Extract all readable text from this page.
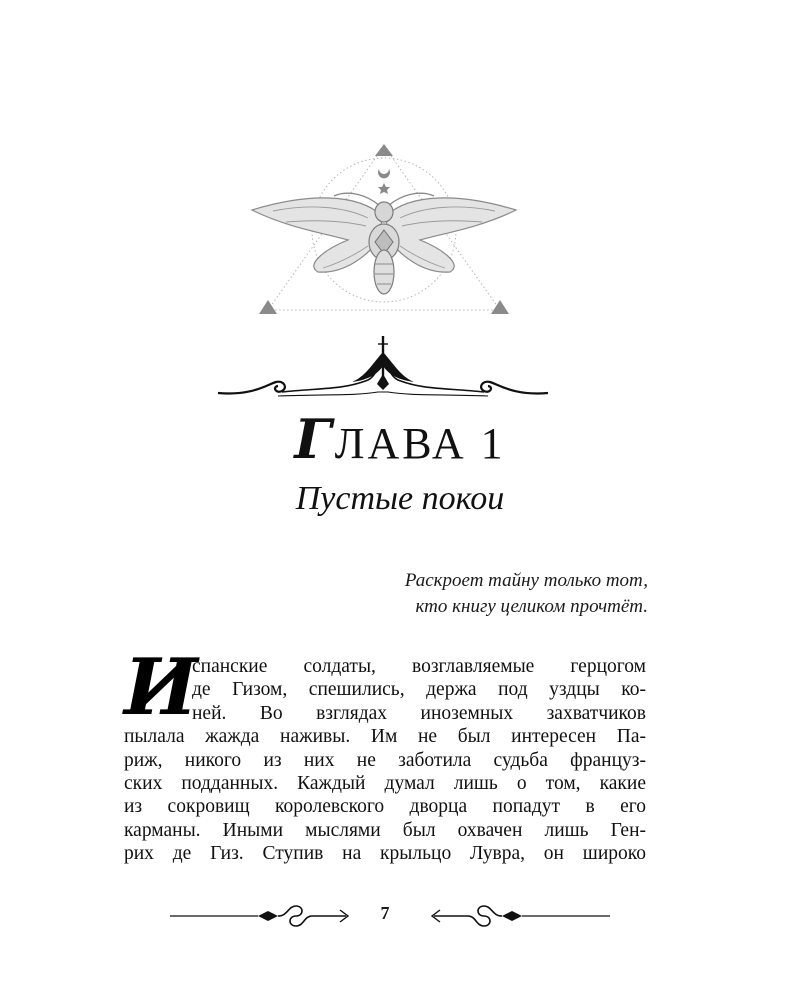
ГЛАВА 1
Пустые покои
Раскроет тайну только тот,
кто книгу целиком прочтёт.
И
спанские солдаты, возглавляемые герцогом
де Гизом, спешились, держа под уздцы ко-
ней. Во взглядах иноземных захватчиков
пылала жажда наживы. Им не был интересен Па-
риж, никого из них не заботила судьба француз-
ских подданных. Каждый думал лишь о том, какие
из сокровищ королевского дворца попадут в его
карманы. Иными мыслями был охвачен лишь Ген-
рих де Гиз. Ступив на крыльцо Лувра, он широко
7
